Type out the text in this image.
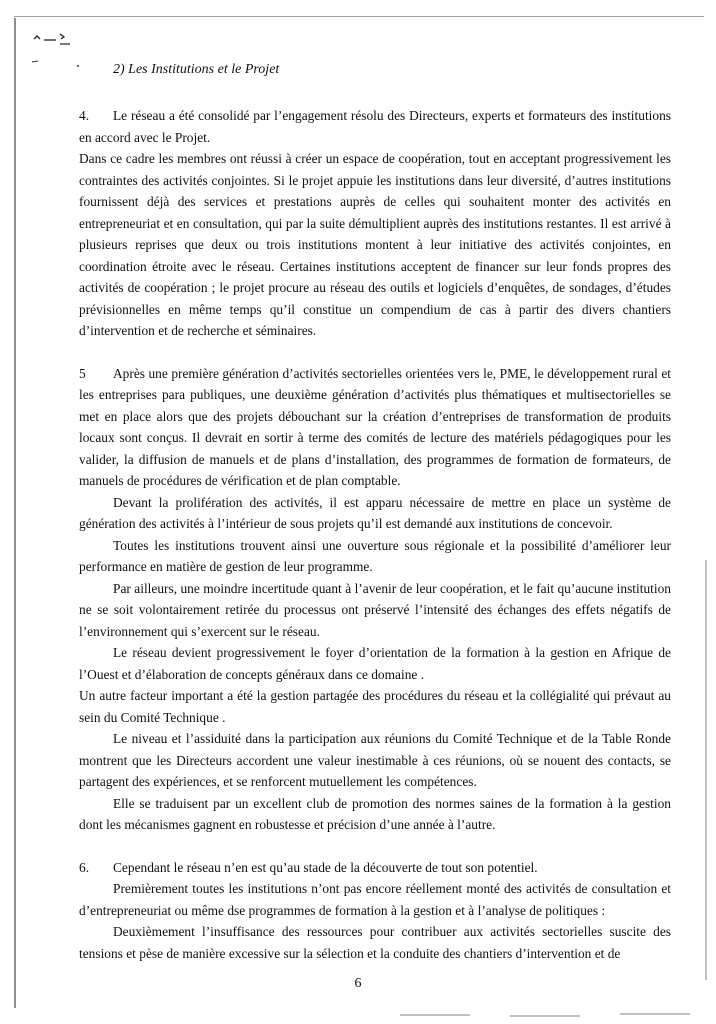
2) Les Institutions et le Projet

4. Le réseau a été consolidé par l’engagement résolu des Directeurs, experts et formateurs des institutions en accord avec le Projet.

Dans ce cadre les membres ont réussi à créer un espace de coopération, tout en acceptant progressivement les contraintes des activités conjointes. Si le projet appuie les institutions dans leur diversité, d’autres institutions fournissent déjà des services et prestations auprès de celles qui souhaitent monter des activités en entrepreneuriat et en consultation, qui par la suite démultiplient auprès des institutions restantes. Il est arrivé à plusieurs reprises que deux ou trois institutions montent à leur initiative des activités conjointes, en coordination étroite avec le réseau. Certaines institutions acceptent de financer sur leur fonds propres des activités de coopération ; le projet procure au réseau des outils et logiciels d’enquêtes, de sondages, d’études prévisionnelles en même temps qu’il constitue un compendium de cas à partir des divers chantiers d’intervention et de recherche et séminaires.

5 Après une première génération d’activités sectorielles orientées vers le, PME, le développement rural et les entreprises para publiques, une deuxième génération d’activités plus thématiques et multisectorielles se met en place alors que des projets débouchant sur la création d’entreprises de transformation de produits locaux sont conçus. Il devrait en sortir à terme des comités de lecture des matériels pédagogiques pour les valider, la diffusion de manuels et de plans d’installation, des programmes de formation de formateurs, de manuels de procédures de vérification et de plan comptable.

Devant la prolifération des activités, il est apparu nécessaire de mettre en place un système de génération des activités à l’intérieur de sous projets qu’il est demandé aux institutions de concevoir.

Toutes les institutions trouvent ainsi une ouverture sous régionale et la possibilité d’améliorer leur performance en matière de gestion de leur programme.

Par ailleurs, une moindre incertitude quant à l’avenir de leur coopération, et le fait qu’aucune institution ne se soit volontairement retirée du processus ont préservé l’intensité des échanges des effets négatifs de l’environnement qui s’exercent sur le réseau.

Le réseau devient progressivement le foyer d’orientation de la formation à la gestion en Afrique de l’Ouest et d’élaboration de concepts généraux dans ce domaine .

Un autre facteur important a été la gestion partagée des procédures du réseau et la collégialité qui prévaut au sein du Comité Technique .

Le niveau et l’assiduité dans la participation aux réunions du Comité Technique et de la Table Ronde montrent que les Directeurs accordent une valeur inestimable à ces réunions, où se nouent des contacts, se partagent des expériences, et se renforcent mutuellement les compétences.

Elle se traduisent par un excellent club de promotion des normes saines de la formation à la gestion dont les mécanismes gagnent en robustesse et précision d’une année à l’autre.

6. Cependant le réseau n’en est qu’au stade de la découverte de tout son potentiel.

Premièrement toutes les institutions n’ont pas encore réellement monté des activités de consultation et d’entrepreneuriat ou même dse programmes de formation à la gestion et à l’analyse de politiques :

Deuxièmement l’insuffisance des ressources pour contribuer aux activités sectorielles suscite des tensions et pèse de manière excessive sur la sélection et la conduite des chantiers d’intervention et de

6
